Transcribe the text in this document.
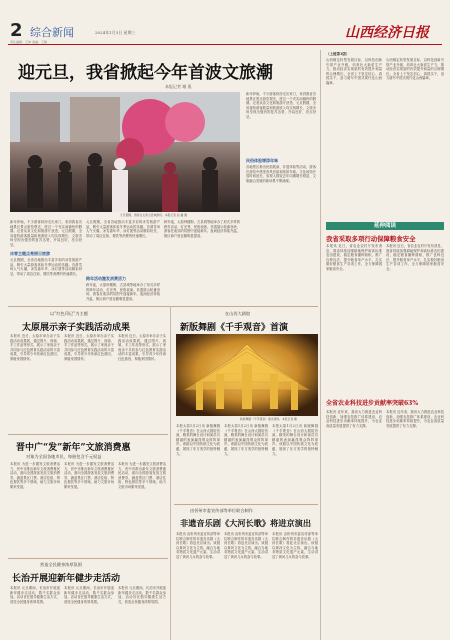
2 综合新闻	2024年1月3日 星期三	山西经济日报
责任编辑：王坤 美编：王静
迎元旦，我省掀起今年首波文旅潮
本报记者 谢 燕
元旦假期，游客在太原古县城游玩。本报记者 赵 鑫 摄
新年伊始，不少游客纷纷走出家门，来到我省各地景区景点游览观光，度过一个充实而愉快的假期。记者从省文化和旅游厅获悉，元旦假期，全省接待游客数量和旅游收入均实现增长，文旅市场呈现出强劲的复苏态势，开局良好，亮点纷呈。
冰雪主题点亮假日旅游
元旦假期，全省各地推出丰富多彩的冰雪旅游产品，吸引大量游客体验冬季运动的乐趣。各滑雪场人气火爆，冰雪嘉年华、冰灯展等活动精彩纷呈，带动了周边住宿、餐饮等消费的快速增长。
元旦假期，全省各地推出丰富多彩的冰雪旅游产品，吸引大量游客体验冬季运动的乐趣。各滑雪场人气火爆，冰雪嘉年华、冰灯展等活动精彩纷呈，带动了周边住宿、餐饮等消费的快速增长。
跨年活动激发消费活力
跨年夜，太原钟楼街、古县城等地举办了形式多样的跨年活动，灯光秀、民俗表演、非遗展示轮番登场，游客在欢乐的氛围中迎接新年。夜间经济持续升温，街区商户营业额明显提高。
跨年夜，太原钟楼街、古县城等地举办了形式多样的跨年活动，灯光秀、民俗表演、非遗展示轮番登场，游客在欢乐的氛围中迎接新年。夜间经济持续升温，街区商户营业额明显提高。
新年伊始，不少游客纷纷走出家门，来到我省各地景区景点游览观光，度过一个充实而愉快的假期。记者从省文化和旅游厅获悉，元旦假期，全省接待游客数量和旅游收入均实现增长，文旅市场呈现出强劲的复苏态势，开局良好，亮点纷呈。
民俗体验增添年味
各地景区推出民俗展演、非遗体验等活动，游客在游览中感受晋风晋韵和浓浓年味。文化场馆开放时间延长，参观人数较去年同期增长明显，文旅融合发展的新场景不断涌现。
（上接第1版）
山西锚定转型发展目标，以科技创新引领产业升级，培育壮大新质生产力，推动经济实现质的有效提升和量的合理增长。全省上下坚定信心、真抓实干，奋力谱写中国式现代化山西篇章。
山西锚定转型发展目标，以科技创新引领产业升级，培育壮大新质生产力，推动经济实现质的有效提升和量的合理增长。全省上下坚定信心、真抓实干，奋力谱写中国式现代化山西篇章。
延伸阅读
我省采取多项行动保障粮食安全
本报讯 近日，省农业农村厅发布消息，我省持续加强耕地保护和高标准农田建设，稳定粮食播种面积，推广良种良法，提升粮食单产水平，扎实做好粮食生产各项工作，全力保障国家粮食安全。
本报讯 近日，省农业农村厅发布消息，我省持续加强耕地保护和高标准农田建设，稳定粮食播种面积，推广良种良法，提升粮食单产水平，扎实做好粮食生产各项工作，全力保障国家粮食安全。
全省农业科技进步贡献率突破63%
本报讯 近年来，我省大力推进农业科技创新，加强农技推广体系建设，农业科技进步贡献率持续提升，为农业高质量发展提供了有力支撑。
本报讯 近年来，我省大力推进农业科技创新，加强农技推广体系建设，农业科技进步贡献率持续提升，为农业高质量发展提供了有力支撑。
以“红色印记”为主题
太原展示亲子实践活动成果
本报讯 近日，太原市举办亲子实践活动成果展，通过图片、视频、手工作品等形式，展示了家庭亲子共同参与红色教育实践活动的丰富成果，引导青少年传承红色基因，厚植家国情怀。
本报讯 近日，太原市举办亲子实践活动成果展，通过图片、视频、手工作品等形式，展示了家庭亲子共同参与红色教育实践活动的丰富成果，引导青少年传承红色基因，厚植家国情怀。
本报讯 近日，太原市举办亲子实践活动成果展，通过图片、视频、手工作品等形式，展示了家庭亲子共同参与红色教育实践活动的丰富成果，引导青少年传承红色基因，厚植家国情怀。
在山西大剧院
新版舞剧《千手观音》首演
新版舞剧《千手观音》演出现场。本报记者 摄
本报太原1月2日讯 新版舞剧《千手观音》在山西大剧院首演，精美的舞台设计和演员们精湛的表演赢得观众阵阵掌声。该剧以中国传统文化为底蕴，展现了东方美学的独特魅力。
本报太原1月2日讯 新版舞剧《千手观音》在山西大剧院首演，精美的舞台设计和演员们精湛的表演赢得观众阵阵掌声。该剧以中国传统文化为底蕴，展现了东方美学的独特魅力。
本报太原1月2日讯 新版舞剧《千手观音》在山西大剧院首演，精美的舞台设计和演员们精湛的表演赢得观众阵阵掌声。该剧以中国传统文化为底蕴，展现了东方美学的独特魅力。
晋中广“发”新年”文旅消费惠
对象为全国各地市民，每册包含千元权益
本报讯 为进一步激发文旅消费活力，晋中市推出新年文旅消费惠民活动，面向全国游客发放文旅消费券，涵盖景区门票、酒店住宿、特色餐饮等多个领域，助力文旅市场繁荣发展。
本报讯 为进一步激发文旅消费活力，晋中市推出新年文旅消费惠民活动，面向全国游客发放文旅消费券，涵盖景区门票、酒店住宿、特色餐饮等多个领域，助力文旅市场繁荣发展。
本报讯 为进一步激发文旅消费活力，晋中市推出新年文旅消费惠民活动，面向全国游客发放文旅消费券，涵盖景区门票、酒店住宿、特色餐饮等多个领域，助力文旅市场繁荣发展。
由忻州市委宣传部等单位联合制作
非遗音乐剧《大河长歌》将进京演出
本报讯 由忻州市委宣传部等单位联合制作的非遗音乐剧《大河长歌》将赴北京演出。该剧以黄河文化为主线，融合当地非物质文化遗产元素，生动讲述了黄河儿女的奋斗故事。
本报讯 由忻州市委宣传部等单位联合制作的非遗音乐剧《大河长歌》将赴北京演出。该剧以黄河文化为主线，融合当地非物质文化遗产元素，生动讲述了黄河儿女的奋斗故事。
本报讯 由忻州市委宣传部等单位联合制作的非遗音乐剧《大河长歌》将赴北京演出。该剧以黄河文化为主线，融合当地非物质文化遗产元素，生动讲述了黄河儿女的奋斗故事。
营造全民健身浓厚氛围
长治开展迎新年健步走活动
本报讯 元旦期间，长治市开展迎新年健步走活动，数千名群众参加。活动旨在倡导健康生活方式，营造全民健身浓厚氛围。
本报讯 元旦期间，长治市开展迎新年健步走活动，数千名群众参加。活动旨在倡导健康生活方式，营造全民健身浓厚氛围。
本报讯 元旦期间，长治市开展迎新年健步走活动，数千名群众参加。活动旨在倡导健康生活方式，营造全民健身浓厚氛围。
